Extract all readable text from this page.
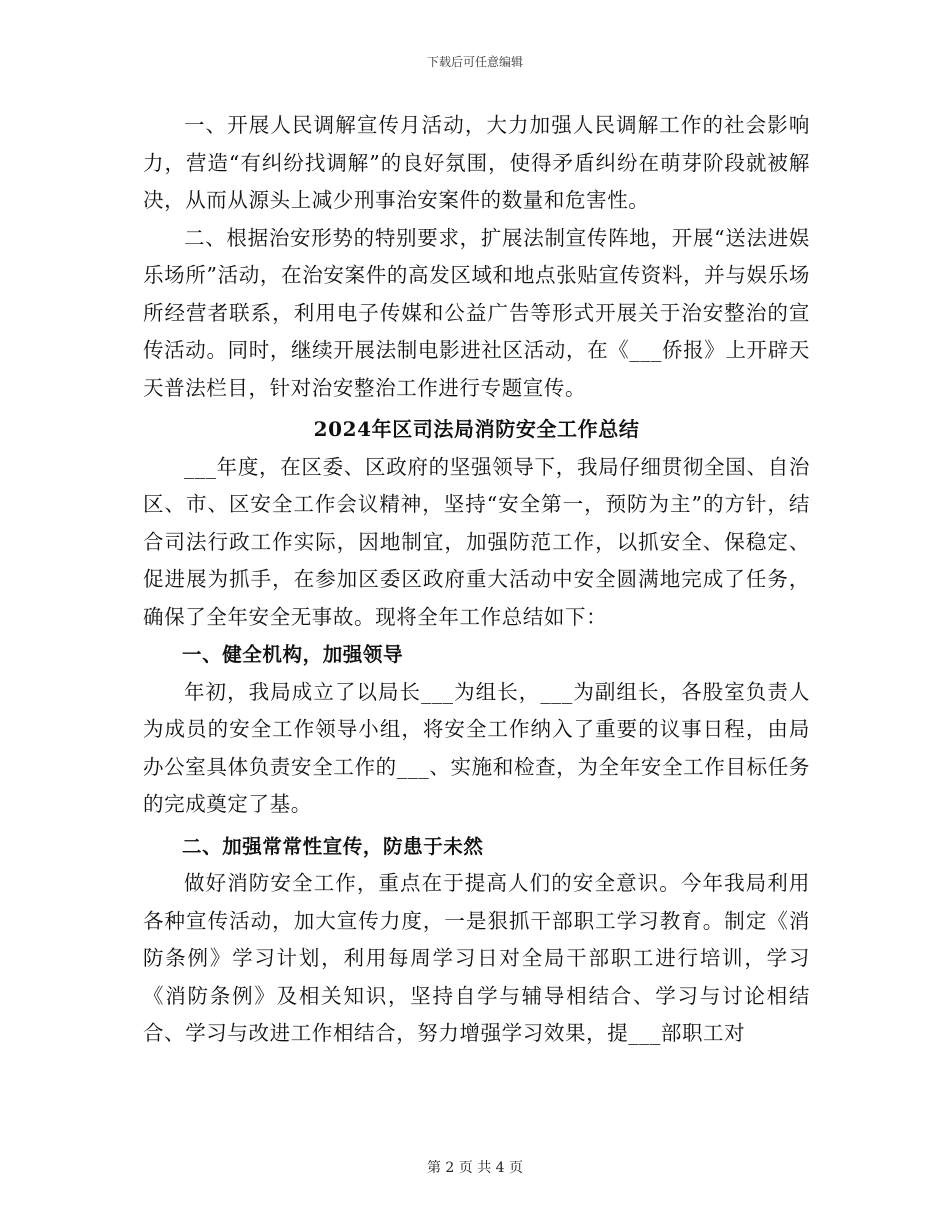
下载后可任意编辑

一、开展人民调解宣传月活动，大力加强人民调解工作的社会影响力，营造“有纠纷找调解”的良好氛围，使得矛盾纠纷在萌芽阶段就被解决，从而从源头上减少刑事治安案件的数量和危害性。

二、根据治安形势的特别要求，扩展法制宣传阵地，开展“送法进娱乐场所”活动，在治安案件的高发区域和地点张贴宣传资料，并与娱乐场所经营者联系，利用电子传媒和公益广告等形式开展关于治安整治的宣传活动。同时，继续开展法制电影进社区活动，在《___侨报》上开辟天天普法栏目，针对治安整治工作进行专题宣传。

2024年区司法局消防安全工作总结

___年度，在区委、区政府的坚强领导下，我局仔细贯彻全国、自治区、市、区安全工作会议精神，坚持“安全第一，预防为主”的方针，结合司法行政工作实际，因地制宜，加强防范工作，以抓安全、保稳定、促进展为抓手，在参加区委区政府重大活动中安全圆满地完成了任务，确保了全年安全无事故。现将全年工作总结如下：

一、健全机构，加强领导

年初，我局成立了以局长___为组长，___为副组长，各股室负责人为成员的安全工作领导小组，将安全工作纳入了重要的议事日程，由局办公室具体负责安全工作的___、实施和检查，为全年安全工作目标任务的完成奠定了基。

二、加强常常性宣传，防患于未然

做好消防安全工作，重点在于提高人们的安全意识。今年我局利用各种宣传活动，加大宣传力度，一是狠抓干部职工学习教育。制定《消防条例》学习计划，利用每周学习日对全局干部职工进行培训，学习《消防条例》及相关知识，坚持自学与辅导相结合、学习与讨论相结合、学习与改进工作相结合，努力增强学习效果，提___部职工对

第 2 页 共 4 页
